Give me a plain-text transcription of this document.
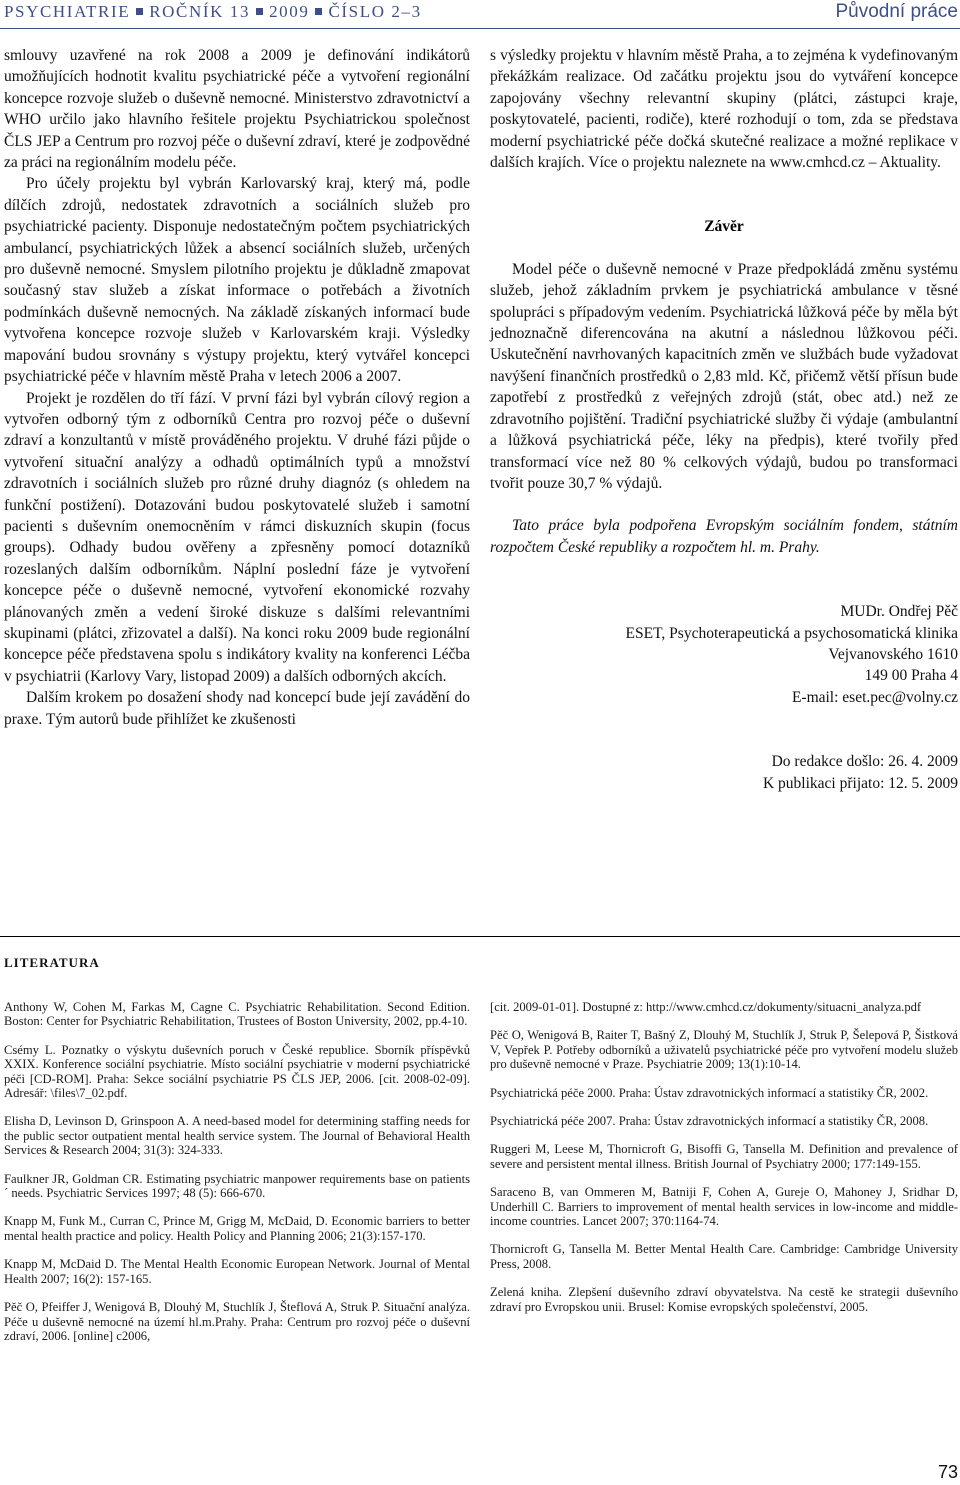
PSYCHIATRIE ROČNÍK 13 2009 ČÍSLO 2–3	Původní práce

smlouvy uzavřené na rok 2008 a 2009 je definování indikátorů umožňujících hodnotit kvalitu psychiatrické péče a vytvoření regionální koncepce rozvoje služeb o duševně nemocné. Ministerstvo zdravotnictví a WHO určilo jako hlavního řešitele projektu Psychiatrickou společnost ČLS JEP a Centrum pro rozvoj péče o duševní zdraví, které je zodpovědné za práci na regionálním modelu péče.

Pro účely projektu byl vybrán Karlovarský kraj, který má, podle dílčích zdrojů, nedostatek zdravotních a sociálních služeb pro psychiatrické pacienty. Disponuje nedostatečným počtem psychiatrických ambulancí, psychiatrických lůžek a absencí sociálních služeb, určených pro duševně nemocné. Smyslem pilotního projektu je důkladně zmapovat současný stav služeb a získat informace o potřebách a životních podmínkách duševně nemocných. Na základě získaných informací bude vytvořena koncepce rozvoje služeb v Karlovarském kraji. Výsledky mapování budou srovnány s výstupy projektu, který vytvářel koncepci psychiatrické péče v hlavním městě Praha v letech 2006 a 2007.

Projekt je rozdělen do tří fází. V první fázi byl vybrán cílový region a vytvořen odborný tým z odborníků Centra pro rozvoj péče o duševní zdraví a konzultantů v místě prováděného projektu. V druhé fázi půjde o vytvoření situační analýzy a odhadů optimálních typů a množství zdravotních i sociálních služeb pro různé druhy diagnóz (s ohledem na funkční postižení). Dotazováni budou poskytovatelé služeb i samotní pacienti s duševním onemocněním v rámci diskuzních skupin (focus groups). Odhady budou ověřeny a zpřesněny pomocí dotazníků rozeslaných dalším odborníkům. Náplní poslední fáze je vytvoření koncepce péče o duševně nemocné, vytvoření ekonomické rozvahy plánovaných změn a vedení široké diskuze s dalšími relevantními skupinami (plátci, zřizovatel a další). Na konci roku 2009 bude regionální koncepce péče představena spolu s indikátory kvality na konferenci Léčba v psychiatrii (Karlovy Vary, listopad 2009) a dalších odborných akcích.

Dalším krokem po dosažení shody nad koncepcí bude její zavádění do praxe. Tým autorů bude přihlížet ke zkušenosti

s výsledky projektu v hlavním městě Praha, a to zejména k vydefinovaným překážkám realizace. Od začátku projektu jsou do vytváření koncepce zapojovány všechny relevantní skupiny (plátci, zástupci kraje, poskytovatelé, pacienti, rodiče), které rozhodují o tom, zda se představa moderní psychiatrické péče dočká skutečné realizace a možné replikace v dalších krajích. Více o projektu naleznete na www.cmhcd.cz – Aktuality.

Závěr

Model péče o duševně nemocné v Praze předpokládá změnu systému služeb, jehož základním prvkem je psychiatrická ambulance v těsné spolupráci s případovým vedením. Psychiatrická lůžková péče by měla být jednoznačně diferencována na akutní a následnou lůžkovou péči. Uskutečnění navrhovaných kapacitních změn ve službách bude vyžadovat navýšení finančních prostředků o 2,83 mld. Kč, přičemž větší přísun bude zapotřebí z prostředků z veřejných zdrojů (stát, obec atd.) než ze zdravotního pojištění. Tradiční psychiatrické služby či výdaje (ambulantní a lůžková psychiatrická péče, léky na předpis), které tvořily před transformací více než 80 % celkových výdajů, budou po transformaci tvořit pouze 30,7 % výdajů.

Tato práce byla podpořena Evropským sociálním fondem, státním rozpočtem České republiky a rozpočtem hl. m. Prahy.

MUDr. Ondřej Pěč

ESET, Psychoterapeutická a psychosomatická klinika

Vejvanovského 1610

149 00 Praha 4

E-mail: eset.pec@volny.cz

Do redakce došlo: 26. 4. 2009

K publikaci přijato: 12. 5. 2009

LITERATURA

Anthony W, Cohen M, Farkas M, Cagne C. Psychiatric Rehabilitation. Second Edition. Boston: Center for Psychiatric Rehabilitation, Trustees of Boston University, 2002, pp.4-10.

Csémy L. Poznatky o výskytu duševních poruch v České republice. Sborník příspěvků XXIX. Konference sociální psychiatrie. Místo sociální psychiatrie v moderní psychiatrické péči [CD-ROM]. Praha: Sekce sociální psychiatrie PS ČLS JEP, 2006. [cit. 2008-02-09]. Adresář: \files\7_02.pdf.

Elisha D, Levinson D, Grinspoon A. A need-based model for determining staffing needs for the public sector outpatient mental health service system. The Journal of Behavioral Health Services & Research 2004; 31(3): 324-333.

Faulkner JR, Goldman CR. Estimating psychiatric manpower requirements base on patients´ needs. Psychiatric Services 1997; 48 (5): 666-670.

Knapp M, Funk M., Curran C, Prince M, Grigg M, McDaid, D. Economic barriers to better mental health practice and policy. Health Policy and Planning 2006; 21(3):157-170.

Knapp M, McDaid D. The Mental Health Economic European Network. Journal of Mental Health 2007; 16(2): 157-165.

Pěč O, Pfeiffer J, Wenigová B, Dlouhý M, Stuchlík J, Šteflová A, Struk P. Situační analýza. Péče u duševně nemocné na území hl.m.Prahy. Praha: Centrum pro rozvoj péče o duševní zdraví, 2006. [online] c2006,

[cit. 2009-01-01]. Dostupné z: http://www.cmhcd.cz/dokumenty/situacni_analyza.pdf

Pěč O, Wenigová B, Raiter T, Bašný Z, Dlouhý M, Stuchlík J, Struk P, Šelepová P, Šistková V, Vepřek P. Potřeby odborníků a uživatelů psychiatrické péče pro vytvoření modelu služeb pro duševně nemocné v Praze. Psychiatrie 2009; 13(1):10-14.

Psychiatrická péče 2000. Praha: Ústav zdravotnických informací a statistiky ČR, 2002.

Psychiatrická péče 2007. Praha: Ústav zdravotnických informací a statistiky ČR, 2008.

Ruggeri M, Leese M, Thornicroft G, Bisoffi G, Tansella M. Definition and prevalence of severe and persistent mental illness. British Journal of Psychiatry 2000; 177:149-155.

Saraceno B, van Ommeren M, Batniji F, Cohen A, Gureje O, Mahoney J, Sridhar D, Underhill C. Barriers to improvement of mental health services in low-income and middle-income countries. Lancet 2007; 370:1164-74.

Thornicroft G, Tansella M. Better Mental Health Care. Cambridge: Cambridge University Press, 2008.

Zelená kniha. Zlepšení duševního zdraví obyvatelstva. Na cestě ke strategii duševního zdraví pro Evropskou unii. Brusel: Komise evropských společenství, 2005.

73
